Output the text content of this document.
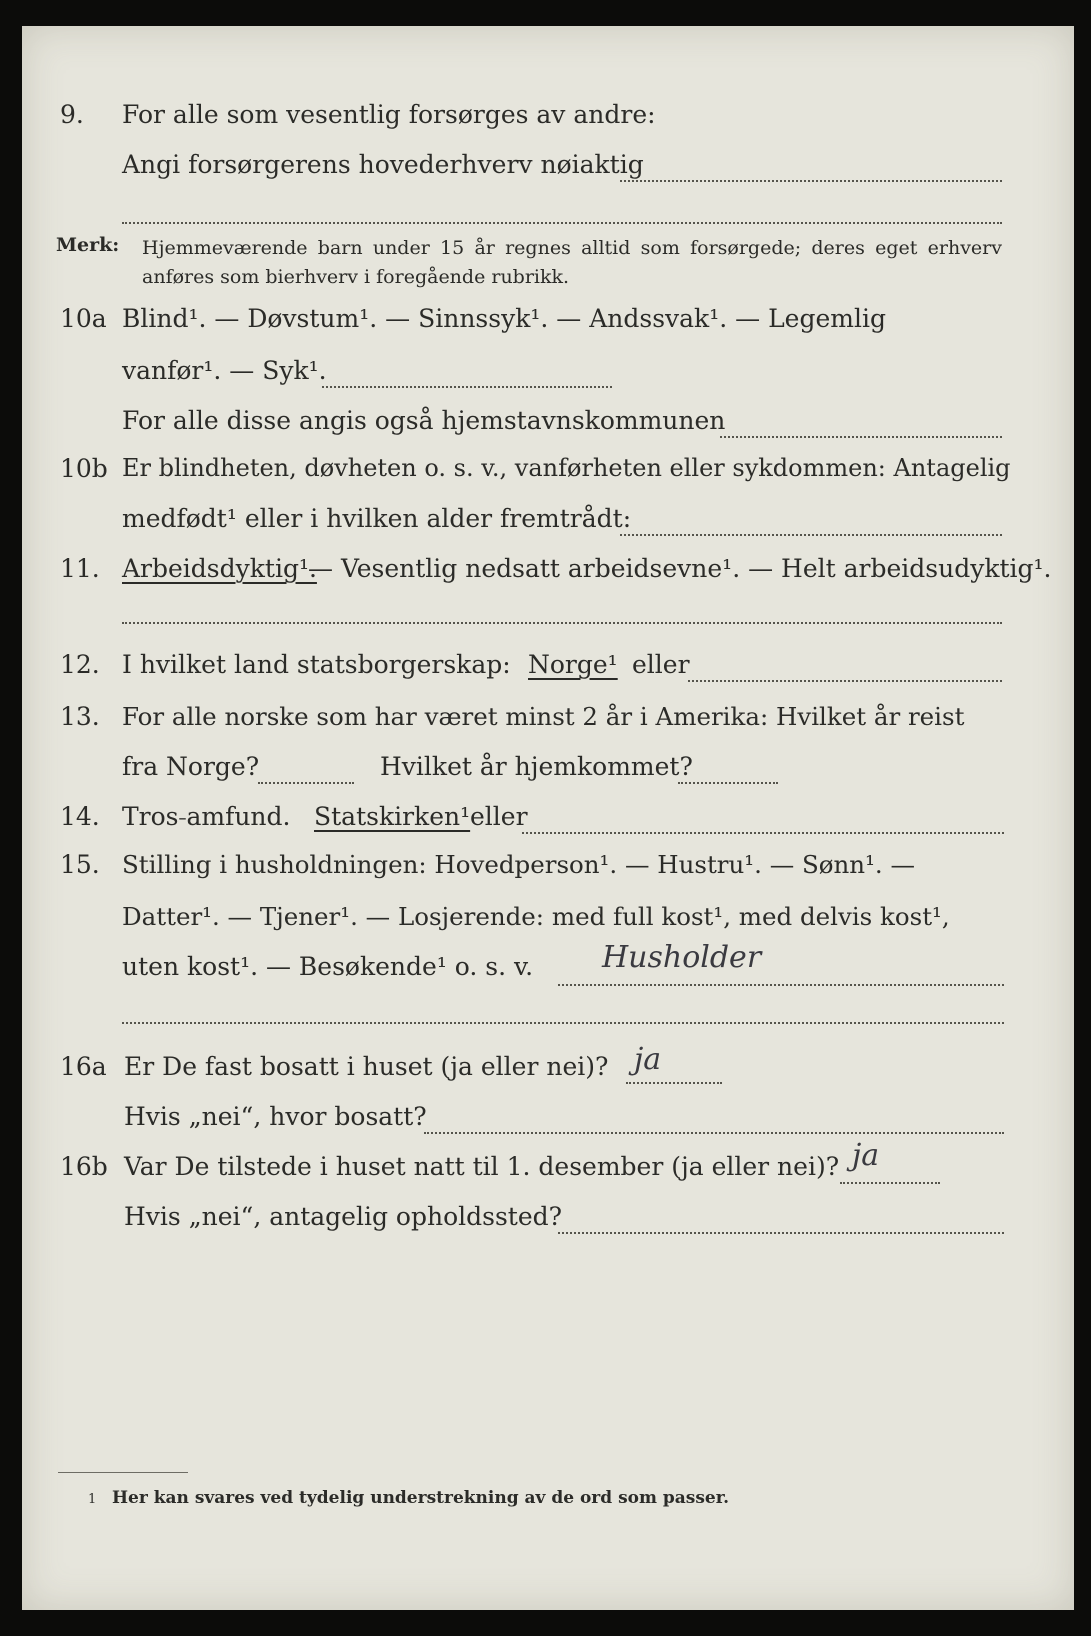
9. For alle som vesentlig forsørges av andre:
Angi forsørgerens hovederhverv nøiaktig
Merk: Hjemmeværende barn under 15 år regnes alltid som forsørgede; deres eget erhverv anføres som bierhverv i foregående rubrikk.
10a Blind¹. — Døvstum¹. — Sinnssyk¹. — Andssvak¹. — Legemlig
vanfør¹. — Syk¹.
For alle disse angis også hjemstavnskommunen
10b Er blindheten, døvheten o. s. v., vanførheten eller sykdommen: Antagelig
medfødt¹ eller i hvilken alder fremtrådt:
11. Arbeidsdyktig¹.
— Vesentlig nedsatt arbeidsevne¹. — Helt arbeidsudyktig¹.
12. I hvilket land statsborgerskap: Norge¹ eller
13. For alle norske som har været minst 2 år i Amerika: Hvilket år reist
fra Norge?	Hvilket år hjemkommet?
14. Tros ̵amfund. Statskirken¹ eller
15. Stilling i husholdningen: Hovedperson¹. — Hustru¹. — Sønn¹. —
Datter¹. — Tjener¹. — Losjerende: med full kost¹, med delvis kost¹,
uten kost¹. — Besøkende¹ o. s. v. Husholder
16a Er De fast bosatt i huset (ja eller nei)? ja
Hvis „nei“, hvor bosatt?
16b Var De tilstede i huset natt til 1. desember (ja eller nei)? ja
Hvis „nei“, antagelig opholdssted?
1 Her kan svares ved tydelig understrekning av de ord som passer.
